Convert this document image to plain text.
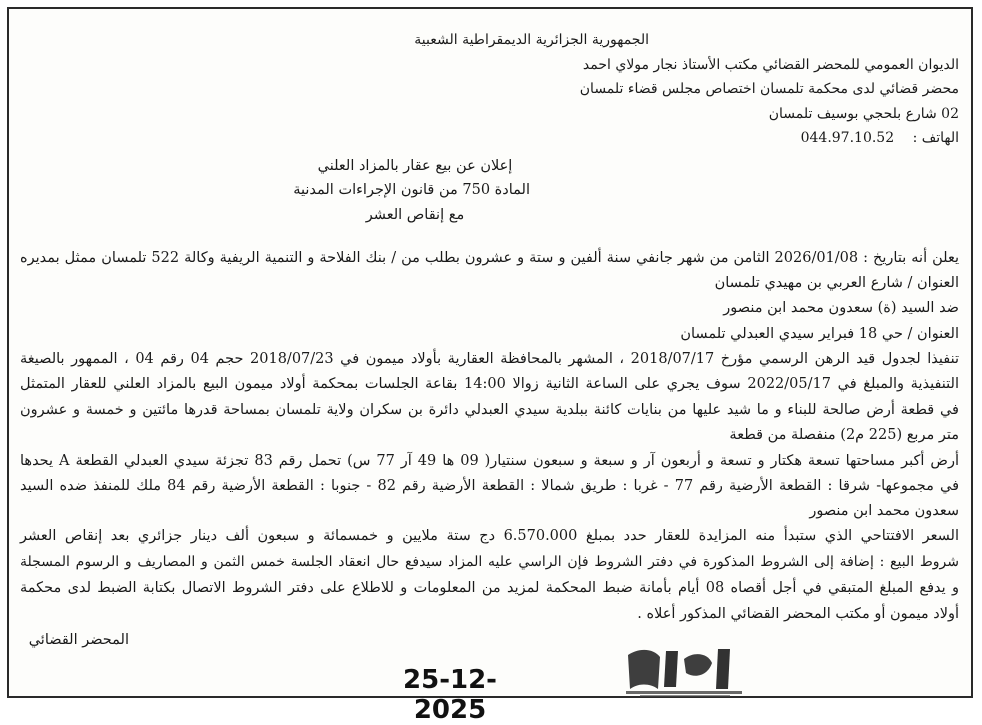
الجمهورية الجزائرية الديمقراطية الشعبية
الديوان العمومي للمحضر القضائي مكتب الأستاذ نجار مولاي احمد
محضر قضائي لدى محكمة تلمسان اختصاص مجلس قضاء تلمسان
02 شارع بلحجي بوسيف تلمسان
الهاتف : 044.97.10.52
إعلان عن بيع عقار بالمزاد العلني
المادة 750 من قانون الإجراءات المدنية
مع إنقاص العشر
يعلن أنه بتاريخ : 2026/01/08 الثامن من شهر جانفي سنة ألفين و ستة و عشرون بطلب من / بنك الفلاحة و التنمية الريفية وكالة 522 تلمسان ممثل بمديره
العنوان / شارع العربي بن مهيدي تلمسان
ضد السيد (ة) سعدون محمد ابن منصور
العنوان / حي 18 فبراير سيدي العبدلي تلمسان
تنفيذا لجدول قيد الرهن الرسمي مؤرخ 2018/07/17 ، المشهر بالمحافظة العقارية بأولاد ميمون في 2018/07/23 حجم 04 رقم 04 ، الممهور بالصيغة
التنفيذية والمبلغ في 2022/05/17 سوف يجري على الساعة الثانية زوالا 14:00 بقاعة الجلسات بمحكمة أولاد ميمون البيع بالمزاد العلني للعقار المتمثل
في قطعة أرض صالحة للبناء و ما شيد عليها من بنايات كائنة ببلدية سيدي العبدلي دائرة بن سكران ولاية تلمسان بمساحة قدرها مائتين و خمسة و عشرون
متر مربع (225 م2) منفصلة من قطعة
أرض أكبر مساحتها تسعة هكتار و تسعة و أربعون آر و سبعة و سبعون سنتيار( 09 ها 49 آر 77 س) تحمل رقم 83 تجزئة سيدي العبدلي القطعة A يحدها
في مجموعها- شرقا : القطعة الأرضية رقم 77 - غربا : طريق شمالا : القطعة الأرضية رقم 82 - جنوبا : القطعة الأرضية رقم 84 ملك للمنفذ ضده السيد
سعدون محمد ابن منصور
السعر الافتتاحي الذي ستبدأ منه المزايدة للعقار حدد بمبلغ 6.570.000 دج ستة ملايين و خمسمائة و سبعون ألف دينار جزائري بعد إنقاص العشر
شروط البيع : إضافة إلى الشروط المذكورة في دفتر الشروط فإن الراسي عليه المزاد سيدفع حال انعقاد الجلسة خمس الثمن و المصاريف و الرسوم المسجلة
و يدفع المبلغ المتبقي في أجل أقصاه 08 أيام بأمانة ضبط المحكمة لمزيد من المعلومات و للاطلاع على دفتر الشروط الاتصال بكتابة الضبط لدى محكمة
أولاد ميمون أو مكتب المحضر القضائي المذكور أعلاه .
المحضر القضائي
25-12-2025
